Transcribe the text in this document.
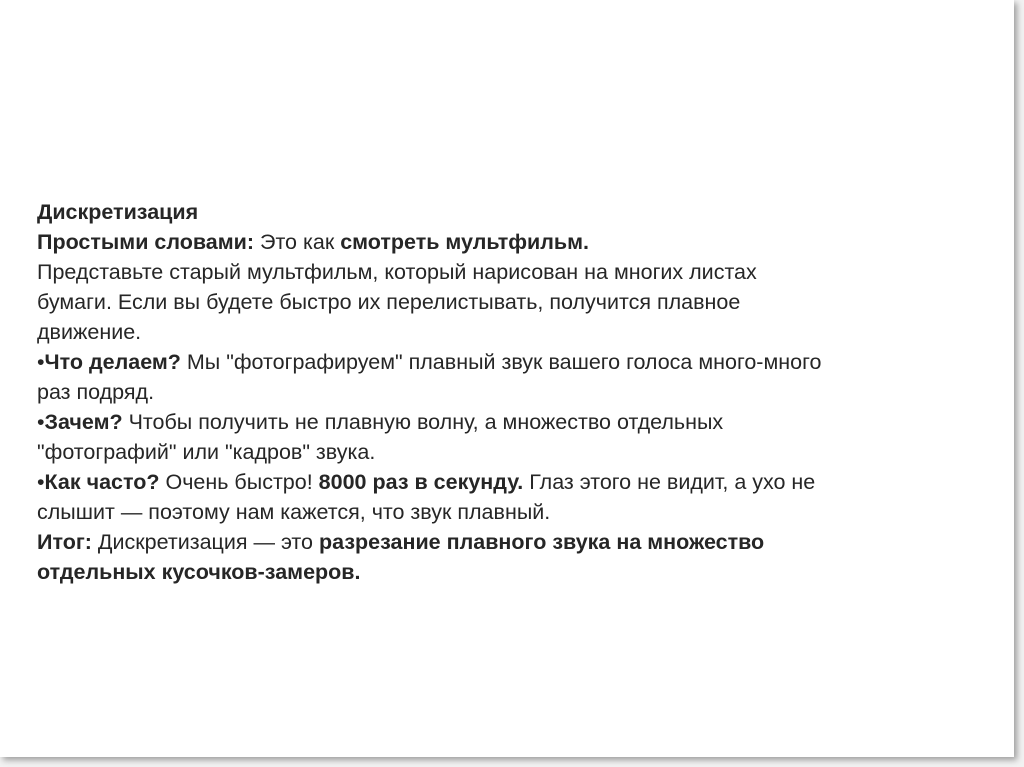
Дискретизация
Простыми словами: Это как смотреть мультфильм.
Представьте старый мультфильм, который нарисован на многих листах
бумаги. Если вы будете быстро их перелистывать, получится плавное
движение.
•Что делаем? Мы "фотографируем" плавный звук вашего голоса много-много
раз подряд.
•Зачем? Чтобы получить не плавную волну, а множество отдельных
"фотографий" или "кадров" звука.
•Как часто? Очень быстро! 8000 раз в секунду. Глаз этого не видит, а ухо не
слышит — поэтому нам кажется, что звук плавный.
Итог: Дискретизация — это разрезание плавного звука на множество
отдельных кусочков-замеров.
